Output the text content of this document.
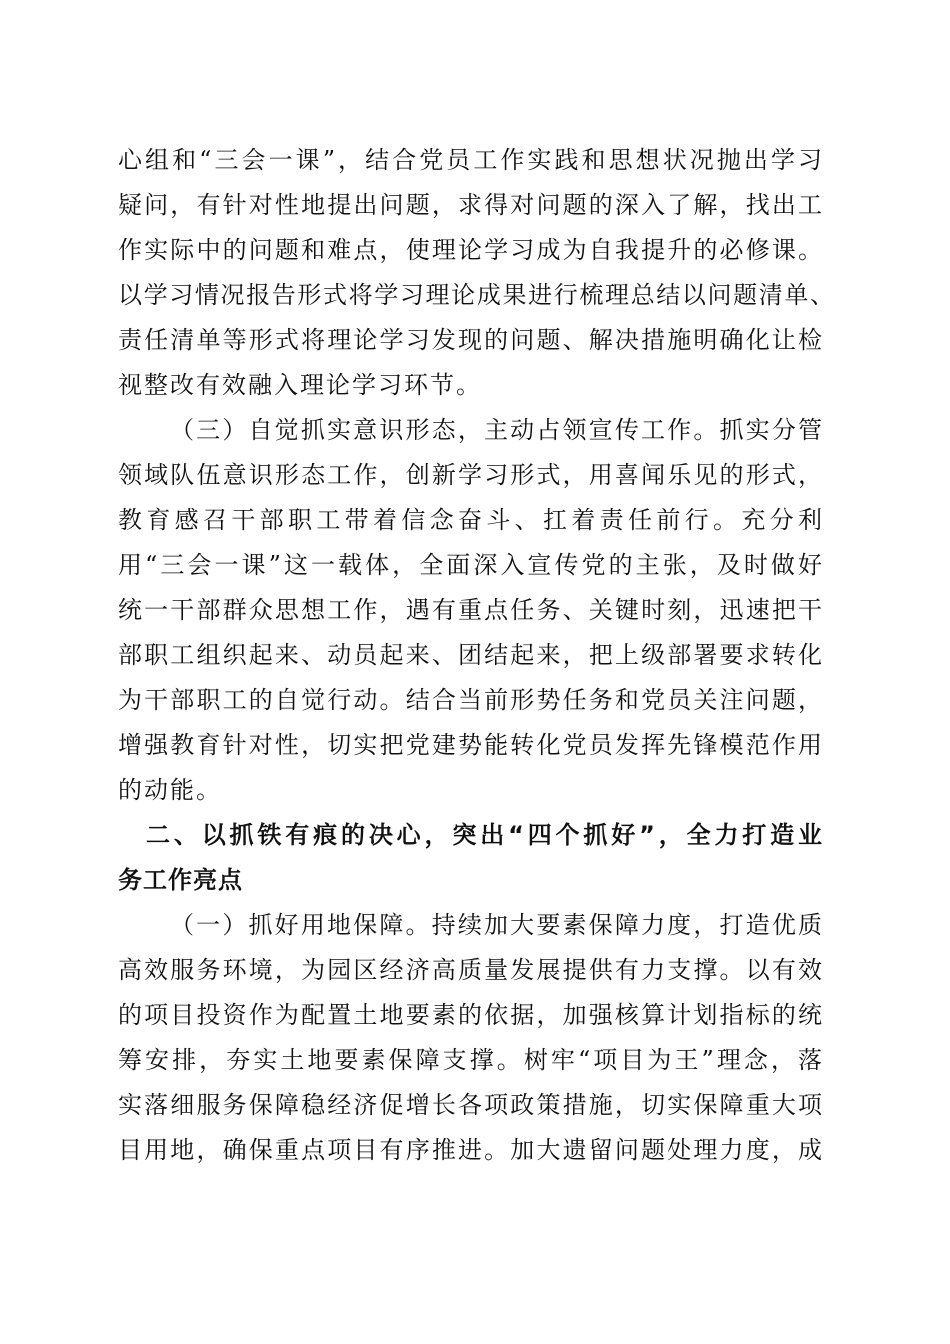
心组和“三会一课”，结合党员工作实践和思想状况抛出学习
疑问，有针对性地提出问题，求得对问题的深入了解，找出工
作实际中的问题和难点，使理论学习成为自我提升的必修课。
以学习情况报告形式将学习理论成果进行梳理总结以问题清单、
责任清单等形式将理论学习发现的问题、解决措施明确化让检
视整改有效融入理论学习环节。
（三）自觉抓实意识形态，主动占领宣传工作。抓实分管
领域队伍意识形态工作，创新学习形式，用喜闻乐见的形式，
教育感召干部职工带着信念奋斗、扛着责任前行。充分利
用“三会一课”这一载体，全面深入宣传党的主张，及时做好
统一干部群众思想工作，遇有重点任务、关键时刻，迅速把干
部职工组织起来、动员起来、团结起来，把上级部署要求转化
为干部职工的自觉行动。结合当前形势任务和党员关注问题，
增强教育针对性，切实把党建势能转化党员发挥先锋模范作用
的动能。
二、以抓铁有痕的决心，突出“四个抓好”，全力打造业
务工作亮点
（一）抓好用地保障。持续加大要素保障力度，打造优质
高效服务环境，为园区经济高质量发展提供有力支撑。以有效
的项目投资作为配置土地要素的依据，加强核算计划指标的统
筹安排，夯实土地要素保障支撑。树牢“项目为王”理念，落
实落细服务保障稳经济促增长各项政策措施，切实保障重大项
目用地，确保重点项目有序推进。加大遗留问题处理力度，成
